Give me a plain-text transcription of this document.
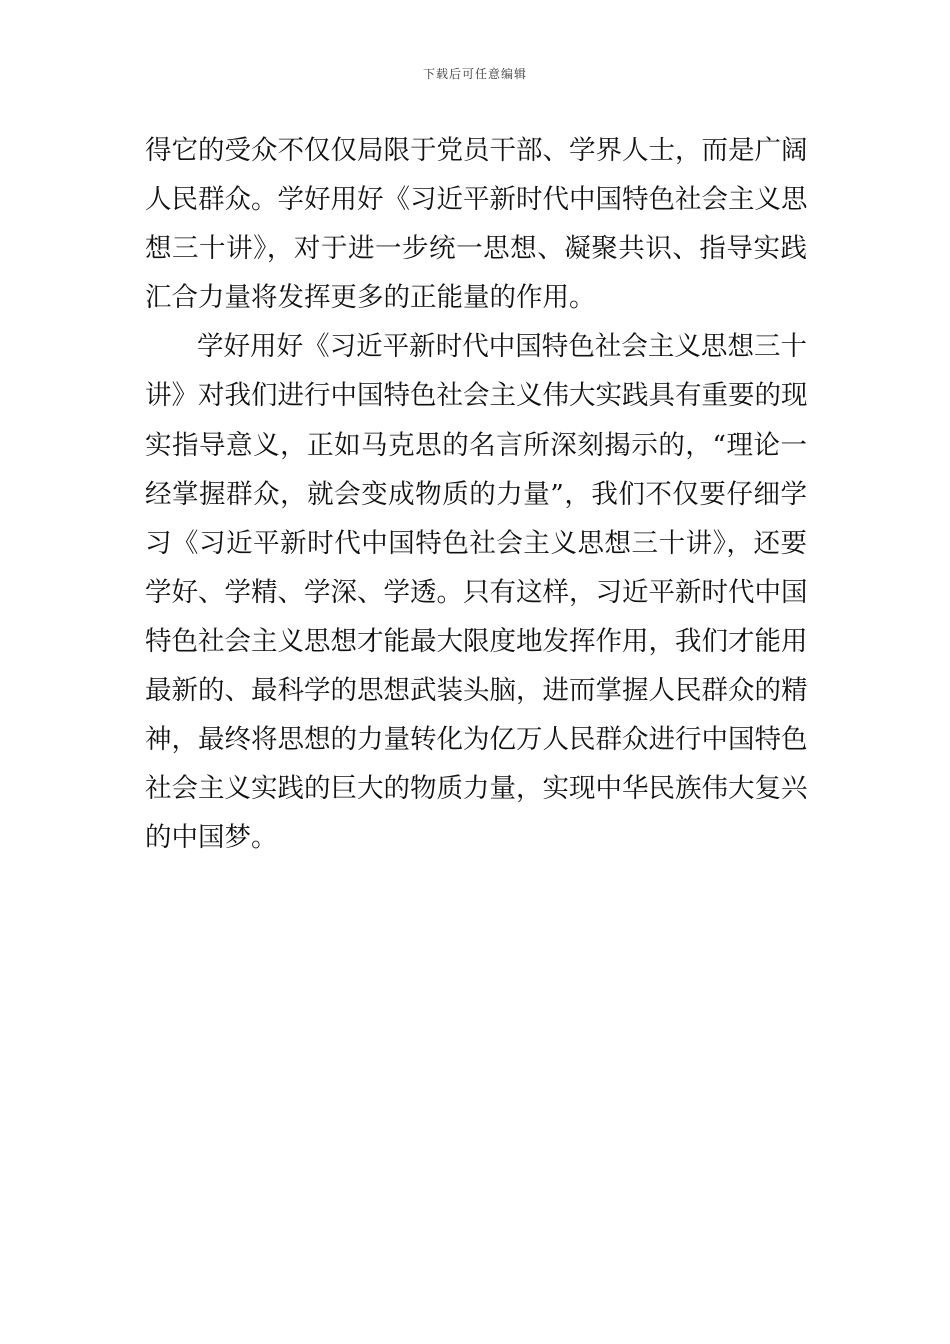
下载后可任意编辑
得它的受众不仅仅局限于党员干部、学界人士，而是广阔
人民群众。学好用好《习近平新时代中国特色社会主义思
想三十讲》，对于进一步统一思想、凝聚共识、指导实践
汇合力量将发挥更多的正能量的作用。
学好用好《习近平新时代中国特色社会主义思想三十
讲》对我们进行中国特色社会主义伟大实践具有重要的现
实指导意义，正如马克思的名言所深刻揭示的，“理论一
经掌握群众，就会变成物质的力量”，我们不仅要仔细学
习《习近平新时代中国特色社会主义思想三十讲》，还要
学好、学精、学深、学透。只有这样，习近平新时代中国
特色社会主义思想才能最大限度地发挥作用，我们才能用
最新的、最科学的思想武装头脑，进而掌握人民群众的精
神，最终将思想的力量转化为亿万人民群众进行中国特色
社会主义实践的巨大的物质力量，实现中华民族伟大复兴
的中国梦。
